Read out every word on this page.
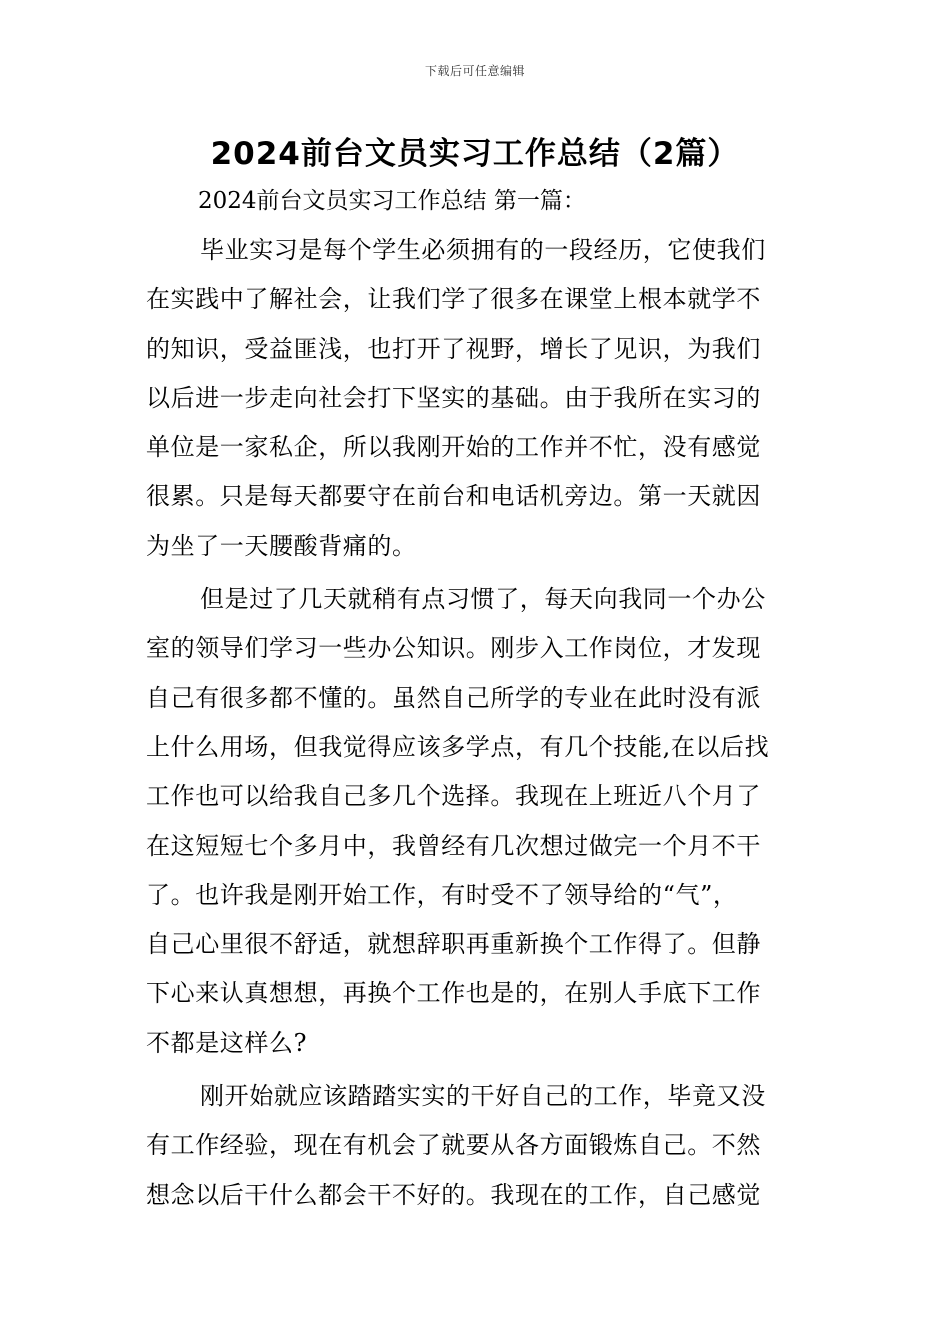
下载后可任意编辑
2024前台文员实习工作总结（2篇）
2024前台文员实习工作总结 第一篇：

毕业实习是每个学生必须拥有的一段经历，它使我们
在实践中了解社会，让我们学了很多在课堂上根本就学不
的知识，受益匪浅，也打开了视野，增长了见识，为我们
以后进一步走向社会打下坚实的基础。由于我所在实习的
单位是一家私企，所以我刚开始的工作并不忙，没有感觉
很累。只是每天都要守在前台和电话机旁边。第一天就因
为坐了一天腰酸背痛的。

但是过了几天就稍有点习惯了，每天向我同一个办公
室的领导们学习一些办公知识。刚步入工作岗位，才发现
自己有很多都不懂的。虽然自己所学的专业在此时没有派
上什么用场，但我觉得应该多学点，有几个技能,在以后找
工作也可以给我自己多几个选择。我现在上班近八个月了
在这短短七个多月中，我曾经有几次想过做完一个月不干
了。也许我是刚开始工作，有时受不了领导给的“气”，
自己心里很不舒适，就想辞职再重新换个工作得了。但静
下心来认真想想，再换个工作也是的，在别人手底下工作
不都是这样么?

刚开始就应该踏踏实实的干好自己的工作，毕竟又没
有工作经验，现在有机会了就要从各方面锻炼自己。不然
想念以后干什么都会干不好的。我现在的工作，自己感觉
